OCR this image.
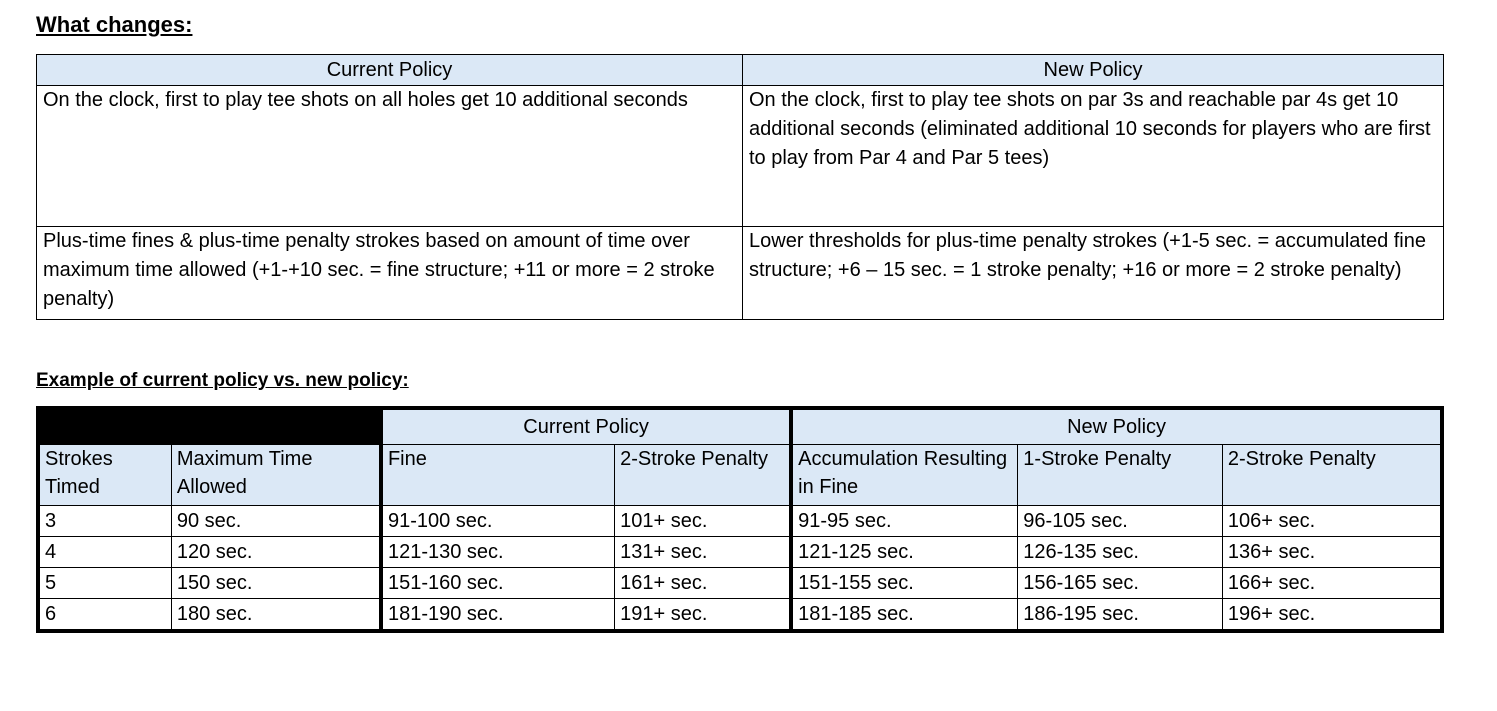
What changes:
Current Policy	New Policy
On the clock, first to play tee shots on all holes get 10 additional seconds	On the clock, first to play tee shots on par 3s and reachable par 4s get 10 additional seconds (eliminated additional 10 seconds for players who are first to play from Par 4 and Par 5 tees)
Plus-time fines & plus-time penalty strokes based on amount of time over maximum time allowed (+1-+10 sec. = fine structure; +11 or more = 2 stroke penalty)	Lower thresholds for plus-time penalty strokes (+1-5 sec. = accumulated fine structure; +6 – 15 sec. = 1 stroke penalty; +16 or more = 2 stroke penalty)
Example of current policy vs. new policy:
		Current Policy		New Policy		
Strokes Timed	Maximum Time Allowed	Fine	2-Stroke Penalty	Accumulation Resulting in Fine	1-Stroke Penalty	2-Stroke Penalty
3	90 sec.	91-100 sec.	101+ sec.	91-95 sec.	96-105 sec.	106+ sec.
4	120 sec.	121-130 sec.	131+ sec.	121-125 sec.	126-135 sec.	136+ sec.
5	150 sec.	151-160 sec.	161+ sec.	151-155 sec.	156-165 sec.	166+ sec.
6	180 sec.	181-190 sec.	191+ sec.	181-185 sec.	186-195 sec.	196+ sec.
